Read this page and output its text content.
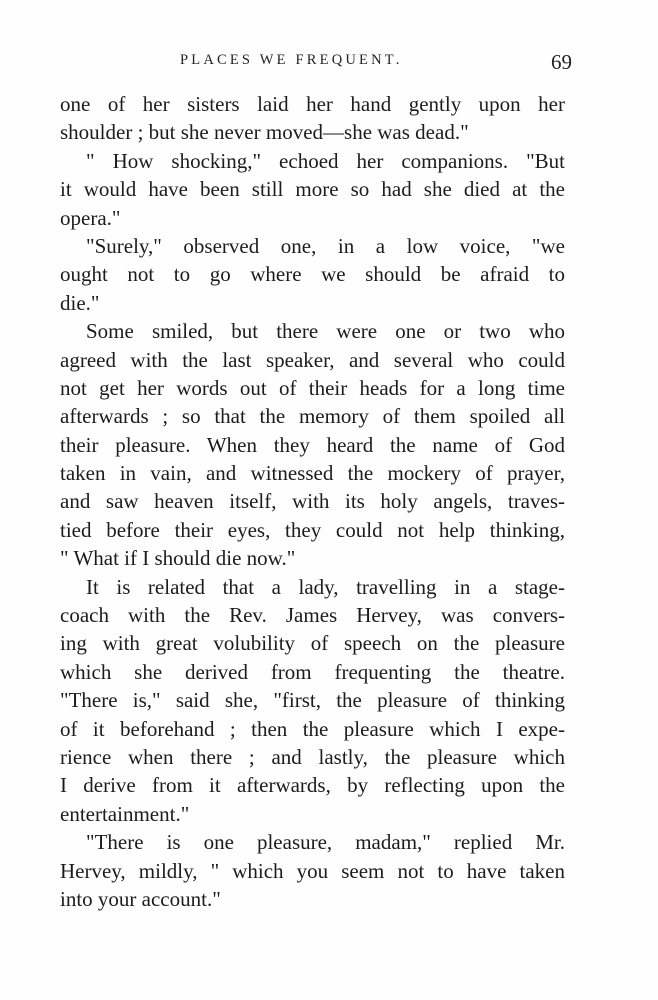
PLACES WE FREQUENT.	69
one of her sisters laid her hand gently upon her
shoulder ; but she never moved—she was dead."
" How shocking," echoed her companions. "But
it would have been still more so had she died at the
opera."
"Surely," observed one, in a low voice, "we
ought not to go where we should be afraid to
die."
Some smiled, but there were one or two who
agreed with the last speaker, and several who could
not get her words out of their heads for a long time
afterwards ; so that the memory of them spoiled all
their pleasure. When they heard the name of God
taken in vain, and witnessed the mockery of prayer,
and saw heaven itself, with its holy angels, traves-
tied before their eyes, they could not help thinking,
" What if I should die now."
It is related that a lady, travelling in a stage-
coach with the Rev. James Hervey, was convers-
ing with great volubility of speech on the pleasure
which she derived from frequenting the theatre.
"There is," said she, "first, the pleasure of thinking
of it beforehand ; then the pleasure which I expe-
rience when there ; and lastly, the pleasure which
I derive from it afterwards, by reflecting upon the
entertainment."
"There is one pleasure, madam," replied Mr.
Hervey, mildly, " which you seem not to have taken
into your account."
